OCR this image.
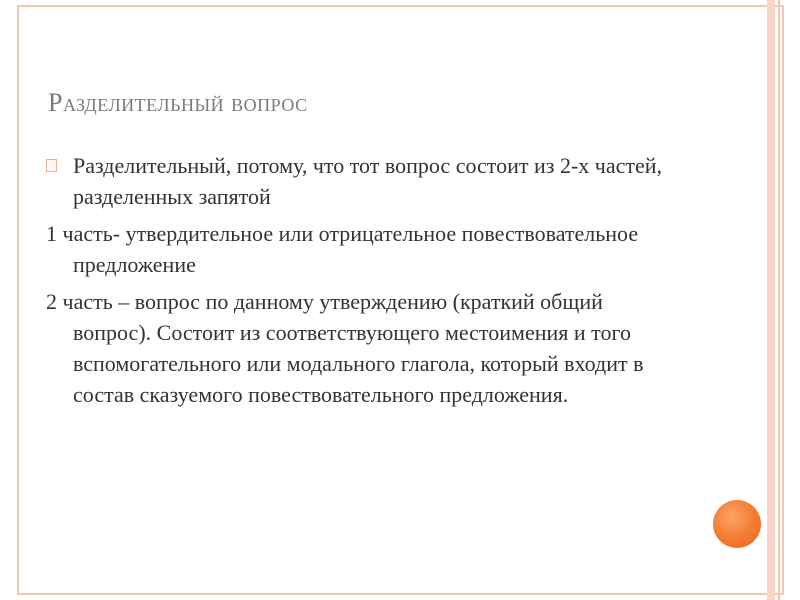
Разделительный вопрос

Разделительный, потому, что тот вопрос состоит из 2-х частей, разделенных запятой

1 часть- утвердительное или отрицательное повествовательное предложение

2 часть – вопрос по данному утверждению (краткий общий вопрос). Состоит из соответствующего местоимения и того вспомогательного или модального глагола, который входит в состав сказуемого повествовательного предложения.
